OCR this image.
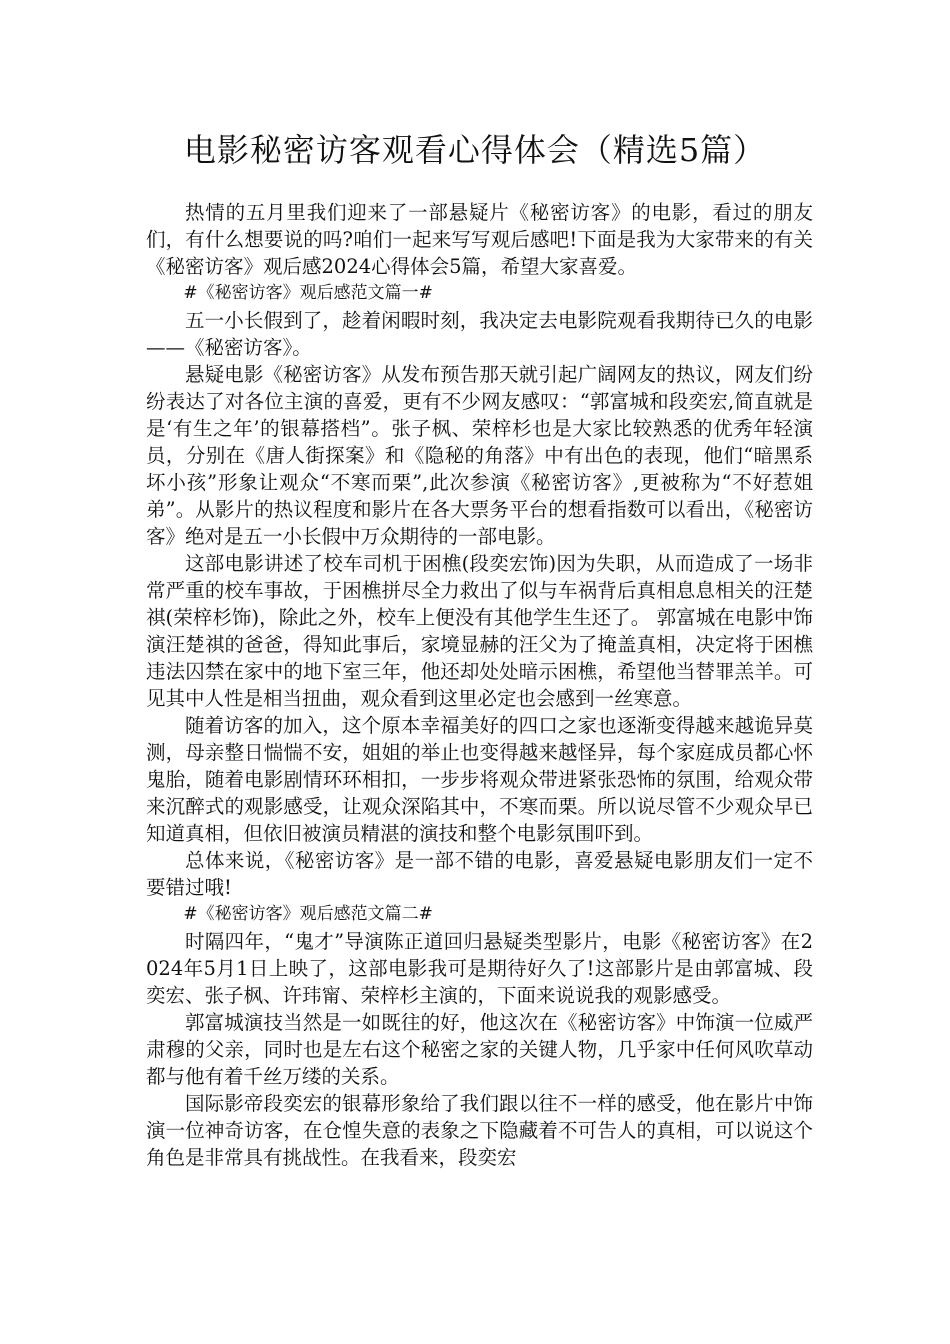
电影秘密访客观看心得体会（精选5篇）

热情的五月里我们迎来了一部悬疑片《秘密访客》的电影，看过的朋友们，有什么想要说的吗?咱们一起来写写观后感吧!下面是我为大家带来的有关《秘密访客》观后感2024心得体会5篇，希望大家喜爱。

#《秘密访客》观后感范文篇一#

五一小长假到了，趁着闲暇时刻，我决定去电影院观看我期待已久的电影——《秘密访客》。

悬疑电影《秘密访客》从发布预告那天就引起广阔网友的热议，网友们纷纷表达了对各位主演的喜爱，更有不少网友感叹：“郭富城和段奕宏,简直就是是‘有生之年’的银幕搭档”。张子枫、荣梓杉也是大家比较熟悉的优秀年轻演员，分别在《唐人街探案》和《隐秘的角落》中有出色的表现，他们“暗黑系坏小孩”形象让观众“不寒而栗”,此次参演《秘密访客》,更被称为“不好惹姐弟”。从影片的热议程度和影片在各大票务平台的想看指数可以看出，《秘密访客》绝对是五一小长假中万众期待的一部电影。

这部电影讲述了校车司机于困樵(段奕宏饰)因为失职，从而造成了一场非常严重的校车事故，于困樵拼尽全力救出了似与车祸背后真相息息相关的汪楚祺(荣梓杉饰)，除此之外，校车上便没有其他学生生还了。 郭富城在电影中饰演汪楚祺的爸爸，得知此事后，家境显赫的汪父为了掩盖真相，决定将于困樵违法囚禁在家中的地下室三年，他还却处处暗示困樵，希望他当替罪羔羊。可见其中人性是相当扭曲，观众看到这里必定也会感到一丝寒意。

随着访客的加入，这个原本幸福美好的四口之家也逐渐变得越来越诡异莫测，母亲整日惴惴不安，姐姐的举止也变得越来越怪异，每个家庭成员都心怀鬼胎，随着电影剧情环环相扣，一步步将观众带进紧张恐怖的氛围，给观众带来沉醉式的观影感受，让观众深陷其中，不寒而栗。所以说尽管不少观众早已知道真相，但依旧被演员精湛的演技和整个电影氛围吓到。

总体来说，《秘密访客》是一部不错的电影，喜爱悬疑电影朋友们一定不要错过哦!

#《秘密访客》观后感范文篇二#

时隔四年，“鬼才”导演陈正道回归悬疑类型影片，电影《秘密访客》在2024年5月1日上映了，这部电影我可是期待好久了!这部影片是由郭富城、段奕宏、张子枫、许玮甯、荣梓杉主演的，下面来说说我的观影感受。

郭富城演技当然是一如既往的好，他这次在《秘密访客》中饰演一位威严肃穆的父亲，同时也是左右这个秘密之家的关键人物，几乎家中任何风吹草动都与他有着千丝万缕的关系。

国际影帝段奕宏的银幕形象给了我们跟以往不一样的感受，他在影片中饰演一位神奇访客，在仓惶失意的表象之下隐藏着不可告人的真相，可以说这个角色是非常具有挑战性。在我看来，段奕宏
